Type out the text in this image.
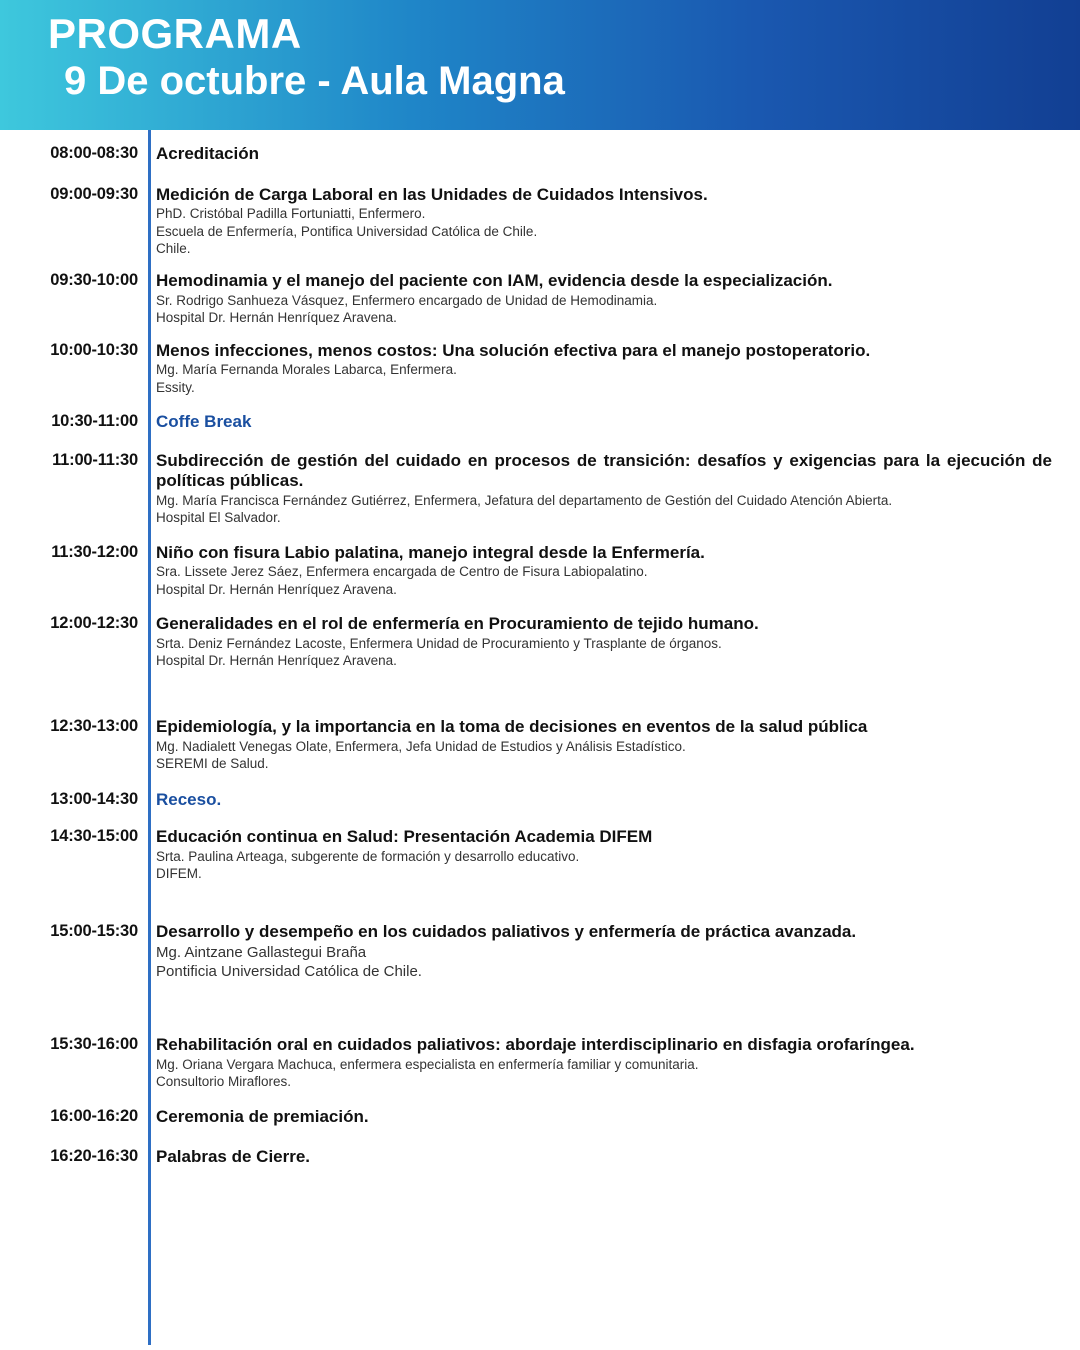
PROGRAMA
9 De octubre - Aula Magna
08:00-08:30	Acreditación
09:00-09:30	Medición de Carga Laboral en las Unidades de Cuidados Intensivos.
PhD. Cristóbal Padilla Fortuniatti, Enfermero.
Escuela de Enfermería, Pontifica Universidad Católica de Chile.
Chile.
09:30-10:00	Hemodinamia y el manejo del paciente con IAM, evidencia desde la especialización.
Sr. Rodrigo Sanhueza Vásquez, Enfermero encargado de Unidad de Hemodinamia.
Hospital Dr. Hernán Henríquez Aravena.
10:00-10:30	Menos infecciones, menos costos: Una solución efectiva para el manejo postoperatorio.
Mg. María Fernanda Morales Labarca, Enfermera.
Essity.
10:30-11:00	Coffe Break
11:00-11:30	Subdirección de gestión del cuidado en procesos de transición: desafíos y exigencias para la ejecución de políticas públicas.
Mg. María Francisca Fernández Gutiérrez, Enfermera, Jefatura del departamento de Gestión del Cuidado Atención Abierta.
Hospital El Salvador.
11:30-12:00	Niño con fisura Labio palatina, manejo integral desde la Enfermería.
Sra. Lissete Jerez Sáez, Enfermera encargada de Centro de Fisura Labiopalatino.
Hospital Dr. Hernán Henríquez Aravena.
12:00-12:30	Generalidades en el rol de enfermería en Procuramiento de tejido humano.
Srta. Deniz Fernández Lacoste, Enfermera Unidad de Procuramiento y Trasplante de órganos.
Hospital Dr. Hernán Henríquez Aravena.
12:30-13:00	Epidemiología, y la importancia en la toma de decisiones en eventos de la salud pública
Mg. Nadialett Venegas Olate, Enfermera, Jefa Unidad de Estudios y Análisis Estadístico.
SEREMI de Salud.
13:00-14:30	Receso.
14:30-15:00	Educación continua en Salud: Presentación Academia DIFEM
Srta. Paulina Arteaga, subgerente de formación y desarrollo educativo.
DIFEM.
15:00-15:30	Desarrollo y desempeño en los cuidados paliativos y enfermería de práctica avanzada.
Mg. Aintzane Gallastegui Braña
Pontificia Universidad Católica de Chile.
15:30-16:00	Rehabilitación oral en cuidados paliativos: abordaje interdisciplinario en disfagia orofaríngea.
Mg. Oriana Vergara Machuca, enfermera especialista en enfermería familiar y comunitaria.
Consultorio Miraflores.
16:00-16:20	Ceremonia de premiación.
16:20-16:30	Palabras de Cierre.
